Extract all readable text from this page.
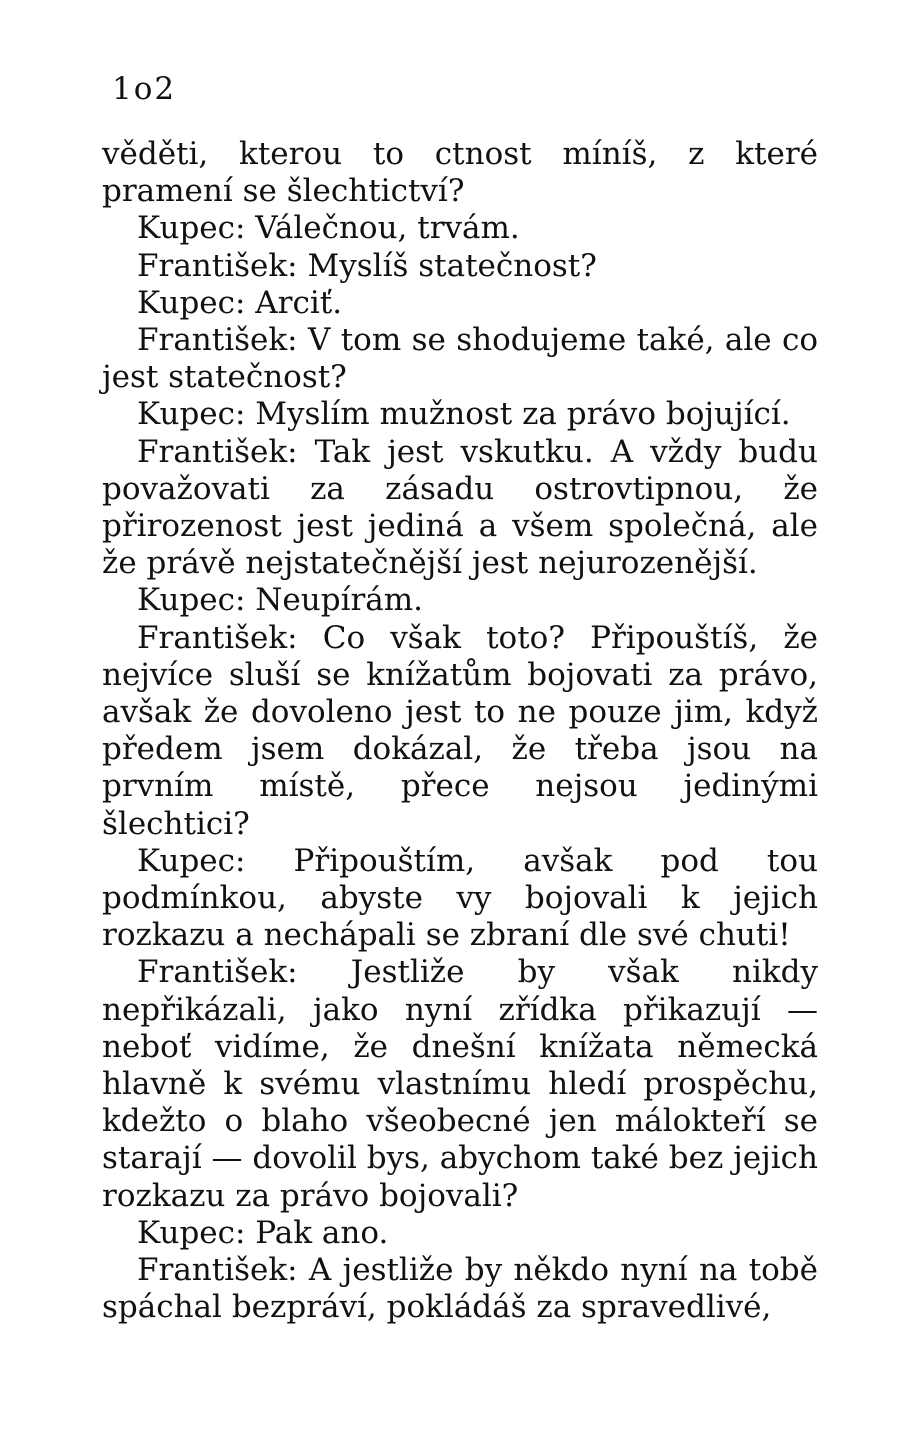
1o2

věděti, kterou to ctnost míníš, z které pramení se šlechtictví?

Kupec: Válečnou, trvám.

František: Myslíš statečnost?

Kupec: Arciť.

František: V tom se shodujeme také, ale co jest statečnost?

Kupec: Myslím mužnost za právo bojující.

František: Tak jest vskutku. A vždy budu považovati za zásadu ostrovtipnou, že přirozenost jest jediná a všem společná, ale že právě nejstatečnější jest nejurozenější.

Kupec: Neupírám.

František: Co však toto? Připouštíš, že nejvíce sluší se knížatům bojovati za právo, avšak že dovoleno jest to ne pouze jim, když předem jsem dokázal, že třeba jsou na prvním místě, přece nejsou jedinými šlechtici?

Kupec: Připouštím, avšak pod tou podmínkou, abyste vy bojovali k jejich rozkazu a nechápali se zbraní dle své chuti!

František: Jestliže by však nikdy nepřikázali, jako nyní zřídka přikazují — neboť vidíme, že dnešní knížata německá hlavně k svému vlastnímu hledí prospěchu, kdežto o blaho všeobecné jen málokteří se starají — dovolil bys, abychom také bez jejich rozkazu za právo bojovali?

Kupec: Pak ano.

František: A jestliže by někdo nyní na tobě spáchal bezpráví, pokládáš za spravedlivé,
